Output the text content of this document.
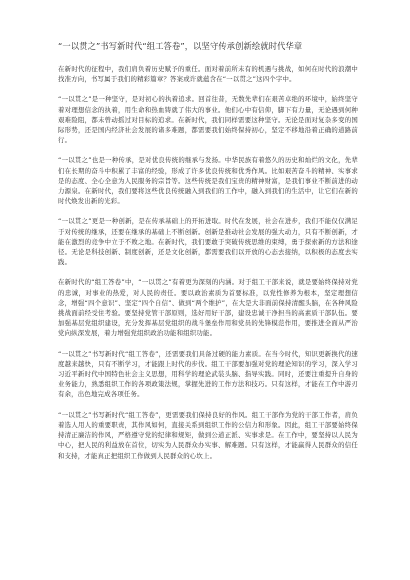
“一以贯之”书写新时代“组工答卷”，以坚守传承创新绘就时代华章

在新时代的征程中，我们肩负着历史赋予的重任。面对着前所未有的机遇与挑战，如何在时代的浪潮中找准方向，书写属于我们的精彩篇章？答案或许就蕴含在“一以贯之”这四个字中。

“一以贯之”是一种坚守，是对初心的执着追求。回首往昔，无数先辈们在艰苦卓绝的环境中，始终坚守着对理想信念的执着，用生命和热血铸就了伟大的事业。他们心中有信仰，脚下有力量，无论遇到何种艰难险阻，都未曾动摇过对目标的追求。在新时代，我们同样需要这种坚守。无论是面对复杂多变的国际形势，还是国内经济社会发展的诸多难题，都需要我们始终保持初心，坚定不移地沿着正确的道路前行。

“一以贯之”也是一种传承，是对优良传统的继承与发扬。中华民族有着悠久的历史和灿烂的文化，先辈们在长期的奋斗中积累了丰富的经验，形成了许多优良传统和优秀作风。比如艰苦奋斗的精神、实事求是的态度、全心全意为人民服务的宗旨等。这些传统是我们宝贵的精神财富，是我们事业不断前进的动力源泉。在新时代，我们要将这些优良传统融入到我们的工作中，融入到我们的生活中，让它们在新的时代焕发出新的光彩。

“一以贯之”更是一种创新，是在传承基础上的开拓进取。时代在发展，社会在进步，我们不能仅仅满足于对传统的继承，还要在继承的基础上不断创新。创新是推动社会发展的强大动力，只有不断创新，才能在激烈的竞争中立于不败之地。在新时代，我们要敢于突破传统思维的束缚，勇于探索新的方法和途径。无论是科技创新、制度创新，还是文化创新，都需要我们以开放的心态去接纳，以积极的态度去实践。

在新时代的“组工答卷”中，“一以贯之”有着更为深刻的内涵。对于组工干部来说，就是要始终保持对党的忠诚，对事业的热爱，对人民的责任。要以政治素质为首要标准，以党性修养为根本，坚定理想信念，增强“四个意识”、坚定“四个自信”、做到“两个维护”，在大是大非面前保持清醒头脑，在各种风险挑战面前经受住考验。要坚持党管干部原则，选好用好干部，建设忠诚干净担当的高素质干部队伍。要加强基层党组织建设，充分发挥基层党组织的战斗堡垒作用和党员的先锋模范作用，要推进全面从严治党向纵深发展，着力增强党组织政治功能和组织功能。

“一以贯之”书写新时代“组工答卷”，还需要我们具备过硬的能力素质。在当今时代，知识更新换代的速度越来越快，只有不断学习，才能跟上时代的步伐。组工干部要加强对党的理论知识的学习，深入学习习近平新时代中国特色社会主义思想，用科学的理论武装头脑、指导实践。同时，还要注重提升自身的业务能力，熟悉组织工作的各项政策法规，掌握先进的工作方法和技巧。只有这样，才能在工作中游刃有余，出色地完成各项任务。

“一以贯之”书写新时代“组工答卷”，更需要我们保持良好的作风。组工干部作为党的干部工作者，肩负着选人用人的重要职责，其作风如何，直接关系到组织工作的公信力和形象。因此，组工干部要始终保持清正廉洁的作风，严格遵守党的纪律和规矩，做到公道正派、实事求是。在工作中，要坚持以人民为中心，把人民的利益放在首位，切实为人民群众办实事、解难题。只有这样，才能赢得人民群众的信任和支持，才能真正把组织工作做到人民群众的心坎上。
